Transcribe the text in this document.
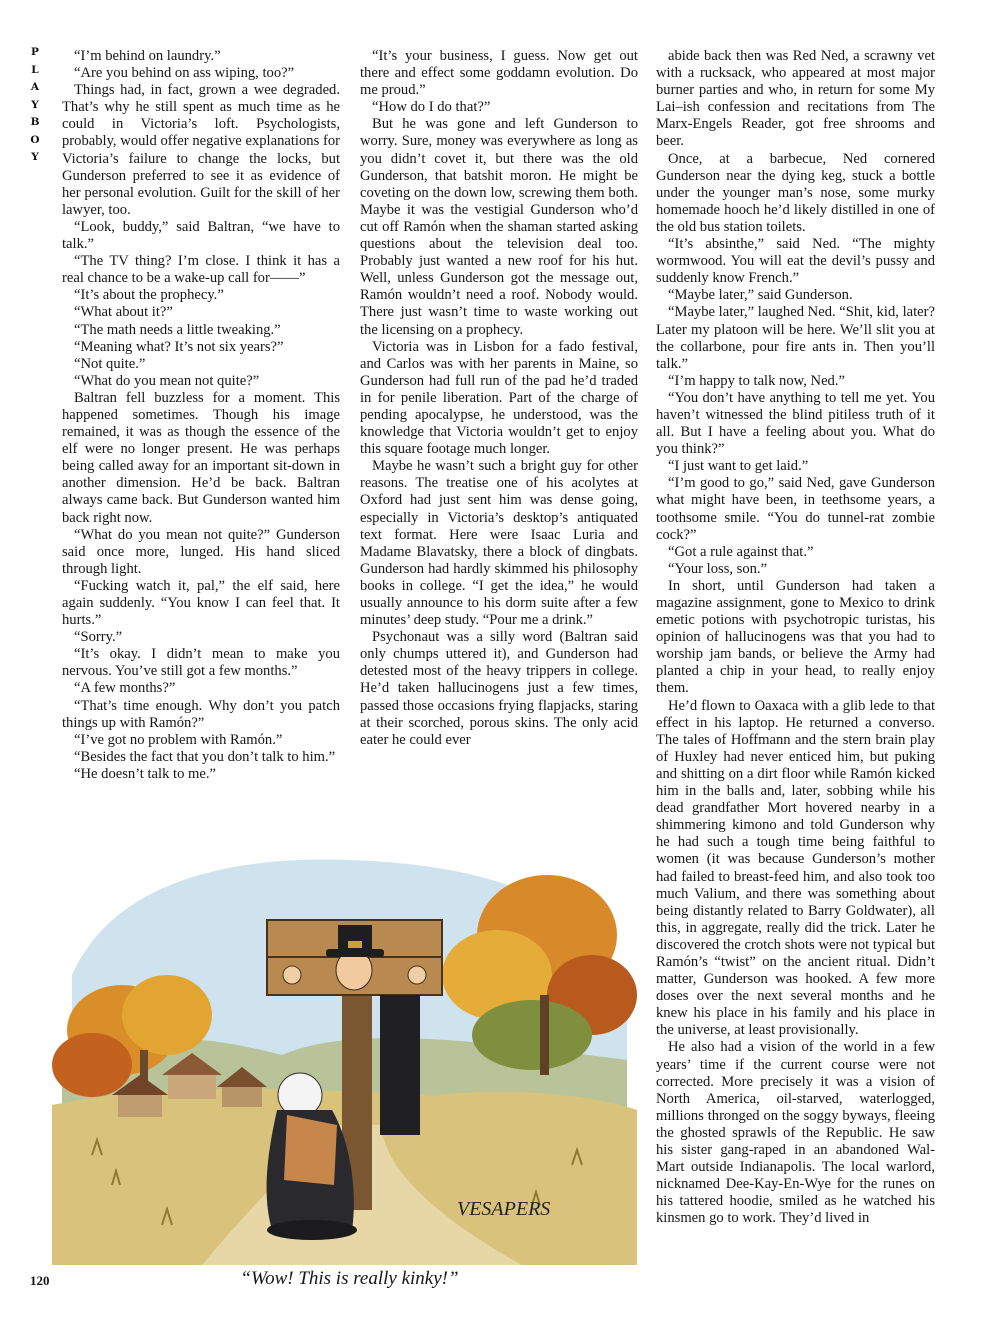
P
L
A
Y
B
O
Y

“I’m behind on laundry.”

“Are you behind on ass wiping, too?”

Things had, in fact, grown a wee degraded. That’s why he still spent as much time as he could in Victoria’s loft. Psychologists, probably, would offer negative explanations for Victoria’s failure to change the locks, but Gunderson preferred to see it as evidence of her personal evolution. Guilt for the skill of her lawyer, too.

“Look, buddy,” said Baltran, “we have to talk.”

“The TV thing? I’m close. I think it has a real chance to be a wake-up call for——”

“It’s about the prophecy.”

“What about it?”

“The math needs a little tweaking.”

“Meaning what? It’s not six years?”

“Not quite.”

“What do you mean not quite?”

Baltran fell buzzless for a moment. This happened sometimes. Though his image remained, it was as though the essence of the elf were no longer present. He was perhaps being called away for an important sit-down in another dimension. He’d be back. Baltran always came back. But Gunderson wanted him back right now.

“What do you mean not quite?” Gunderson said once more, lunged. His hand sliced through light.

“Fucking watch it, pal,” the elf said, here again suddenly. “You know I can feel that. It hurts.”

“Sorry.”

“It’s okay. I didn’t mean to make you nervous. You’ve still got a few months.”

“A few months?”

“That’s time enough. Why don’t you patch things up with Ramón?”

“I’ve got no problem with Ramón.”

“Besides the fact that you don’t talk to him.”

“He doesn’t talk to me.”

“It’s your business, I guess. Now get out there and effect some goddamn evolution. Do me proud.”

“How do I do that?”

But he was gone and left Gunderson to worry. Sure, money was everywhere as long as you didn’t covet it, but there was the old Gunderson, that batshit moron. He might be coveting on the down low, screwing them both. Maybe it was the vestigial Gunderson who’d cut off Ramón when the shaman started asking questions about the television deal too. Probably just wanted a new roof for his hut. Well, unless Gunderson got the message out, Ramón wouldn’t need a roof. Nobody would. There just wasn’t time to waste working out the licensing on a prophecy.

Victoria was in Lisbon for a fado festival, and Carlos was with her parents in Maine, so Gunderson had full run of the pad he’d traded in for penile liberation. Part of the charge of pending apocalypse, he understood, was the knowledge that Victoria wouldn’t get to enjoy this square footage much longer.

Maybe he wasn’t such a bright guy for other reasons. The treatise one of his acolytes at Oxford had just sent him was dense going, especially in Victoria’s desktop’s antiquated text format. Here were Isaac Luria and Madame Blavatsky, there a block of dingbats. Gunderson had hardly skimmed his philosophy books in college. “I get the idea,” he would usually announce to his dorm suite after a few minutes’ deep study. “Pour me a drink.”

Psychonaut was a silly word (Baltran said only chumps uttered it), and Gunderson had detested most of the heavy trippers in college. He’d taken hallucinogens just a few times, passed those occasions frying flapjacks, staring at their scorched, porous skins. The only acid eater he could ever

abide back then was Red Ned, a scrawny vet with a rucksack, who appeared at most major burner parties and who, in return for some My Lai–ish confession and recitations from The Marx-Engels Reader, got free shrooms and beer.

Once, at a barbecue, Ned cornered Gunderson near the dying keg, stuck a bottle under the younger man’s nose, some murky homemade hooch he’d likely distilled in one of the old bus station toilets.

“It’s absinthe,” said Ned. “The mighty wormwood. You will eat the devil’s pussy and suddenly know French.”

“Maybe later,” said Gunderson.

“Maybe later,” laughed Ned. “Shit, kid, later? Later my platoon will be here. We’ll slit you at the collarbone, pour fire ants in. Then you’ll talk.”

“I’m happy to talk now, Ned.”

“You don’t have anything to tell me yet. You haven’t witnessed the blind pitiless truth of it all. But I have a feeling about you. What do you think?”

“I just want to get laid.”

“I’m good to go,” said Ned, gave Gunderson what might have been, in teethsome years, a toothsome smile. “You do tunnel-rat zombie cock?”

“Got a rule against that.”

“Your loss, son.”

In short, until Gunderson had taken a magazine assignment, gone to Mexico to drink emetic potions with psychotropic turistas, his opinion of hallucinogens was that you had to worship jam bands, or believe the Army had planted a chip in your head, to really enjoy them.

He’d flown to Oaxaca with a glib lede to that effect in his laptop. He returned a converso. The tales of Hoffmann and the stern brain play of Huxley had never enticed him, but puking and shitting on a dirt floor while Ramón kicked him in the balls and, later, sobbing while his dead grandfather Mort hovered nearby in a shimmering kimono and told Gunderson why he had such a tough time being faithful to women (it was because Gunderson’s mother had failed to breast-feed him, and also took too much Valium, and there was something about being distantly related to Barry Goldwater), all this, in aggregate, really did the trick. Later he discovered the crotch shots were not typical but Ramón’s “twist” on the ancient ritual. Didn’t matter, Gunderson was hooked. A few more doses over the next several months and he knew his place in his family and his place in the universe, at least provisionally.

He also had a vision of the world in a few years’ time if the current course were not corrected. More precisely it was a vision of North America, oil-starved, waterlogged, millions thronged on the soggy byways, fleeing the ghosted sprawls of the Republic. He saw his sister gang-raped in an abandoned Wal-Mart outside Indianapolis. The local warlord, nicknamed Dee-Kay-En-Wye for the runes on his tattered hoodie, smiled as he watched his kinsmen go to work. They’d lived in

VESAPERS
“Wow! This is really kinky!”
120
